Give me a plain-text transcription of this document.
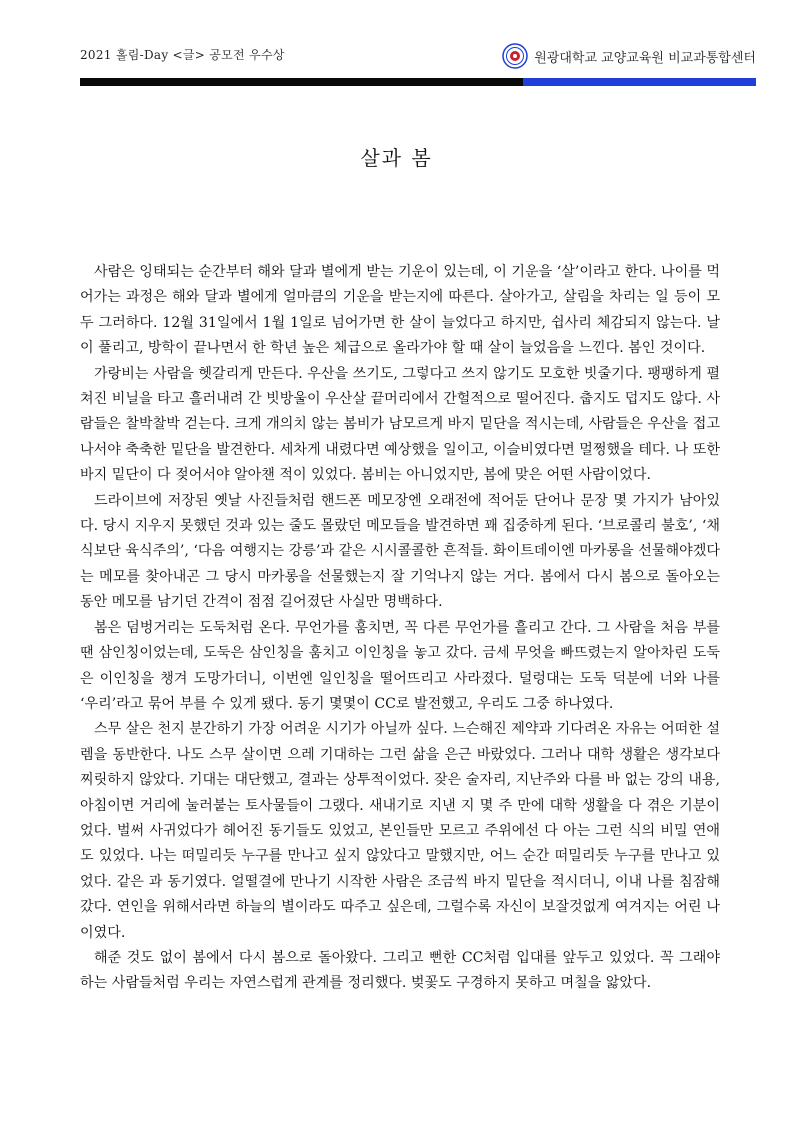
2021 홀림-Day <글> 공모전 우수상	원광대학교 교양교육원 비교과통합센터
살과 봄

사람은 잉태되는 순간부터 해와 달과 별에게 받는 기운이 있는데, 이 기운을 ‘살’이라고 한다. 나이를 먹어가는 과정은 해와 달과 별에게 얼마큼의 기운을 받는지에 따른다. 살아가고, 살림을 차리는 일 등이 모두 그러하다. 12월 31일에서 1월 1일로 넘어가면 한 살이 늘었다고 하지만, 쉽사리 체감되지 않는다. 날이 풀리고, 방학이 끝나면서 한 학년 높은 체급으로 올라가야 할 때 살이 늘었음을 느낀다. 봄인 것이다.

가랑비는 사람을 헷갈리게 만든다. 우산을 쓰기도, 그렇다고 쓰지 않기도 모호한 빗줄기다. 팽팽하게 펼쳐진 비닐을 타고 흘러내려 간 빗방울이 우산살 끝머리에서 간헐적으로 떨어진다. 춥지도 덥지도 않다. 사람들은 찰박찰박 걷는다. 크게 개의치 않는 봄비가 남모르게 바지 밑단을 적시는데, 사람들은 우산을 접고 나서야 축축한 밑단을 발견한다. 세차게 내렸다면 예상했을 일이고, 이슬비였다면 멀쩡했을 테다. 나 또한 바지 밑단이 다 젖어서야 알아챈 적이 있었다. 봄비는 아니었지만, 봄에 맞은 어떤 사람이었다.

드라이브에 저장된 옛날 사진들처럼 핸드폰 메모장엔 오래전에 적어둔 단어나 문장 몇 가지가 남아있다. 당시 지우지 못했던 것과 있는 줄도 몰랐던 메모들을 발견하면 꽤 집중하게 된다. ‘브로콜리 불호’, ‘채식보단 육식주의’, ‘다음 여행지는 강릉’과 같은 시시콜콜한 흔적들. 화이트데이엔 마카롱을 선물해야겠다는 메모를 찾아내곤 그 당시 마카롱을 선물했는지 잘 기억나지 않는 거다. 봄에서 다시 봄으로 돌아오는 동안 메모를 남기던 간격이 점점 길어졌단 사실만 명백하다.

봄은 덤벙거리는 도둑처럼 온다. 무언가를 훔치면, 꼭 다른 무언가를 흘리고 간다. 그 사람을 처음 부를 땐 삼인칭이었는데, 도둑은 삼인칭을 훔치고 이인칭을 놓고 갔다. 금세 무엇을 빠뜨렸는지 알아차린 도둑은 이인칭을 챙겨 도망가더니, 이번엔 일인칭을 떨어뜨리고 사라졌다. 덜렁대는 도둑 덕분에 너와 나를 ‘우리’라고 묶어 부를 수 있게 됐다. 동기 몇몇이 CC로 발전했고, 우리도 그중 하나였다.

스무 살은 천지 분간하기 가장 어려운 시기가 아닐까 싶다. 느슨해진 제약과 기다려온 자유는 어떠한 설렘을 동반한다. 나도 스무 살이면 으레 기대하는 그런 삶을 은근 바랐었다. 그러나 대학 생활은 생각보다 찌릿하지 않았다. 기대는 대단했고, 결과는 상투적이었다. 잦은 술자리, 지난주와 다를 바 없는 강의 내용, 아침이면 거리에 눌러붙는 토사물들이 그랬다. 새내기로 지낸 지 몇 주 만에 대학 생활을 다 겪은 기분이었다. 벌써 사귀었다가 헤어진 동기들도 있었고, 본인들만 모르고 주위에선 다 아는 그런 식의 비밀 연애도 있었다. 나는 떠밀리듯 누구를 만나고 싶지 않았다고 말했지만, 어느 순간 떠밀리듯 누구를 만나고 있었다. 같은 과 동기였다. 얼떨결에 만나기 시작한 사람은 조금씩 바지 밑단을 적시더니, 이내 나를 침잠해갔다. 연인을 위해서라면 하늘의 별이라도 따주고 싶은데, 그럴수록 자신이 보잘것없게 여겨지는 어린 나이였다.

해준 것도 없이 봄에서 다시 봄으로 돌아왔다. 그리고 뻔한 CC처럼 입대를 앞두고 있었다. 꼭 그래야 하는 사람들처럼 우리는 자연스럽게 관계를 정리했다. 벚꽃도 구경하지 못하고 며칠을 앓았다.
